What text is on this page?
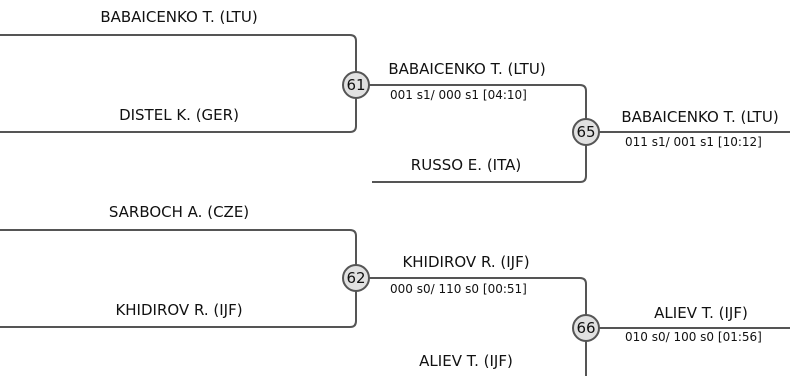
61
62
65
66
BABAICENKO T. (LTU)
DISTEL K. (GER)
SARBOCH A. (CZE)
KHIDIROV R. (IJF)
BABAICENKO T. (LTU)
001 s1/ 000 s1 [04:10]
RUSSO E. (ITA)
KHIDIROV R. (IJF)
000 s0/ 110 s0 [00:51]
ALIEV T. (IJF)
BABAICENKO T. (LTU)
011 s1/ 001 s1 [10:12]
ALIEV T. (IJF)
010 s0/ 100 s0 [01:56]
